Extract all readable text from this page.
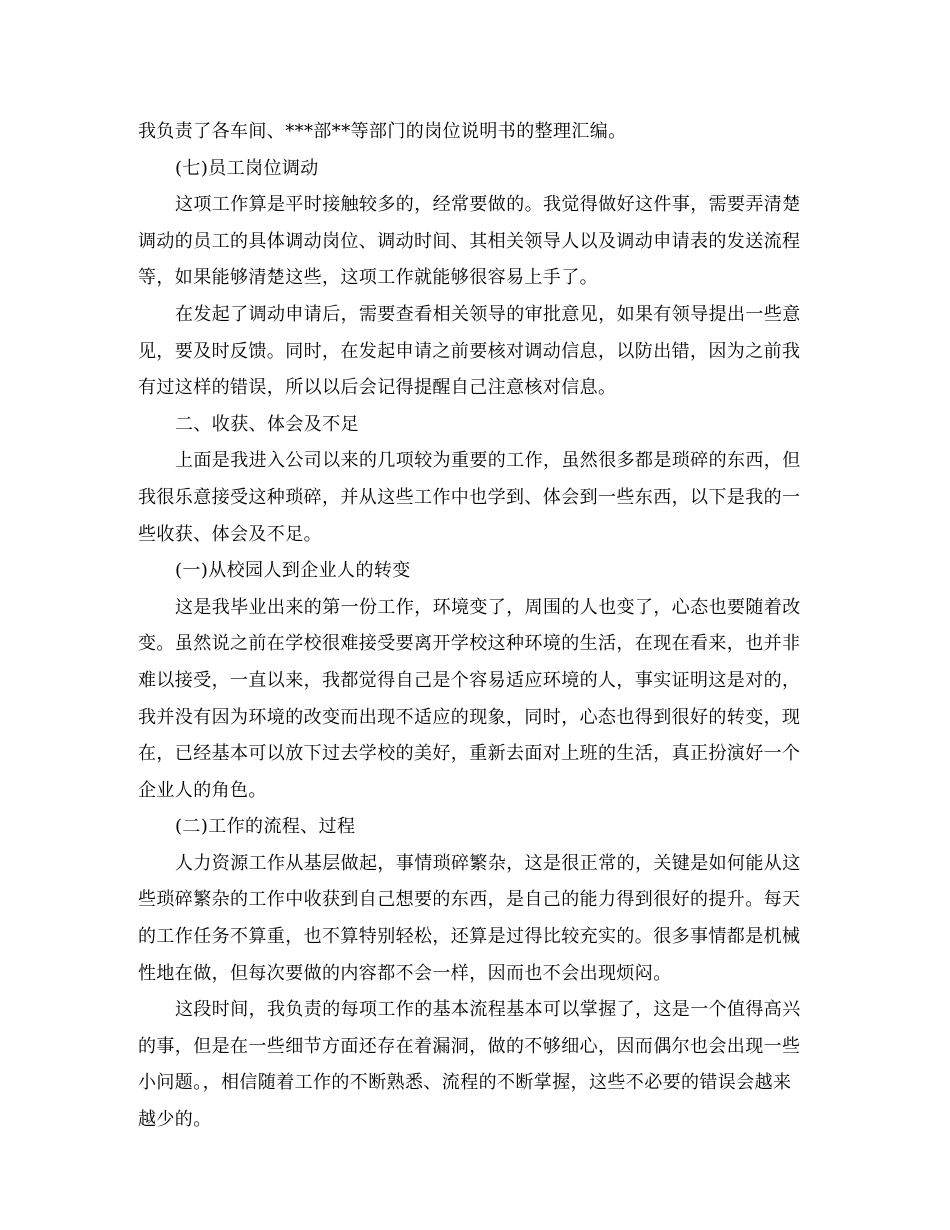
我负责了各车间、***部**等部门的岗位说明书的整理汇编。
(七)员工岗位调动
这项工作算是平时接触较多的，经常要做的。我觉得做好这件事，需要弄清楚
调动的员工的具体调动岗位、调动时间、其相关领导人以及调动申请表的发送流程
等，如果能够清楚这些，这项工作就能够很容易上手了。
在发起了调动申请后，需要查看相关领导的审批意见，如果有领导提出一些意
见，要及时反馈。同时，在发起申请之前要核对调动信息，以防出错，因为之前我
有过这样的错误，所以以后会记得提醒自己注意核对信息。
二、收获、体会及不足
上面是我进入公司以来的几项较为重要的工作，虽然很多都是琐碎的东西，但
我很乐意接受这种琐碎，并从这些工作中也学到、体会到一些东西，以下是我的一
些收获、体会及不足。
(一)从校园人到企业人的转变
这是我毕业出来的第一份工作，环境变了，周围的人也变了，心态也要随着改
变。虽然说之前在学校很难接受要离开学校这种环境的生活，在现在看来，也并非
难以接受，一直以来，我都觉得自己是个容易适应环境的人，事实证明这是对的，
我并没有因为环境的改变而出现不适应的现象，同时，心态也得到很好的转变，现
在，已经基本可以放下过去学校的美好，重新去面对上班的生活，真正扮演好一个
企业人的角色。
(二)工作的流程、过程
人力资源工作从基层做起，事情琐碎繁杂，这是很正常的，关键是如何能从这
些琐碎繁杂的工作中收获到自己想要的东西，是自己的能力得到很好的提升。每天
的工作任务不算重，也不算特别轻松，还算是过得比较充实的。很多事情都是机械
性地在做，但每次要做的内容都不会一样，因而也不会出现烦闷。
这段时间，我负责的每项工作的基本流程基本可以掌握了，这是一个值得高兴
的事，但是在一些细节方面还存在着漏洞，做的不够细心，因而偶尔也会出现一些
小问题。，相信随着工作的不断熟悉、流程的不断掌握，这些不必要的错误会越来
越少的。
